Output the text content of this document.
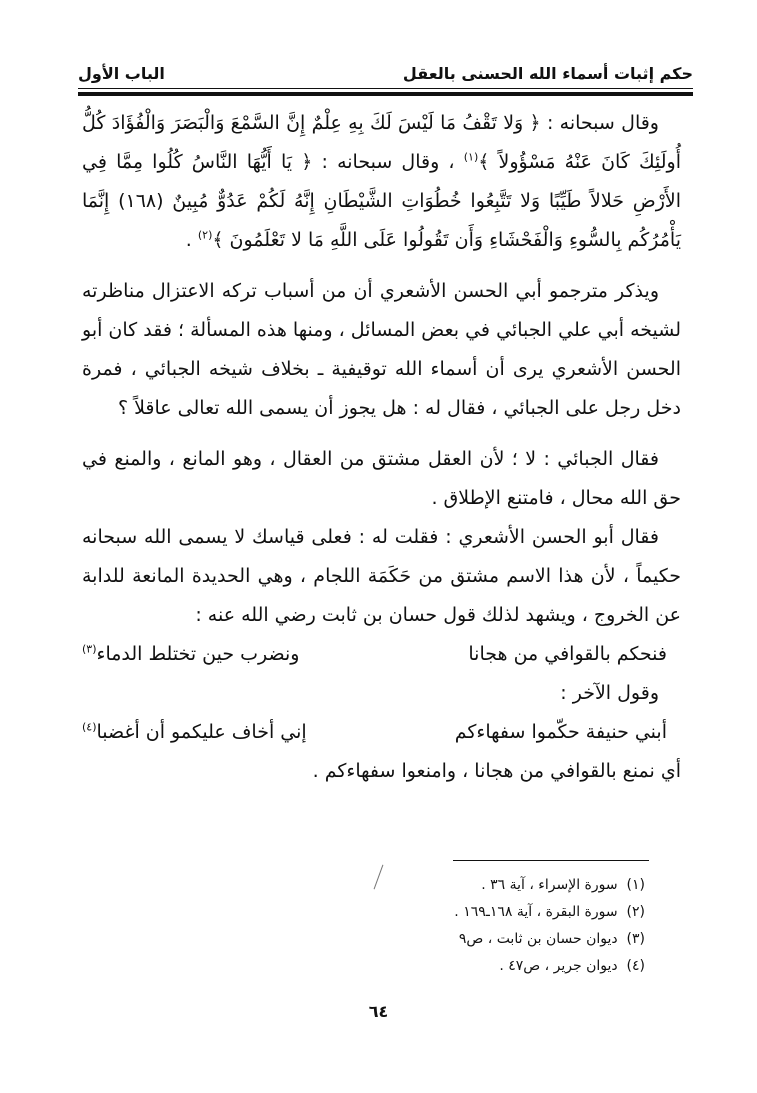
حكم إثبات أسماء الله الحسنى بالعقل
الباب الأول

وقال سبحانه : ﴿ وَلا تَقْفُ مَا لَيْسَ لَكَ بِهِ عِلْمٌ إِنَّ السَّمْعَ وَالْبَصَرَ وَالْفُؤَادَ كُلُّ أُولَئِكَ كَانَ عَنْهُ مَسْؤُولاً ﴾$^{(١)}$ ، وقال سبحانه : ﴿ يَا أَيُّهَا النَّاسُ كُلُوا مِمَّا فِي الأَرْضِ حَلالاً طَيِّبًا وَلا تَتَّبِعُوا خُطُوَاتِ الشَّيْطَانِ إِنَّهُ لَكُمْ عَدُوٌّ مُبِينٌ (١٦٨) إِنَّمَا يَأْمُرُكُم بِالسُّوءِ وَالْفَحْشَاءِ وَأَن تَقُولُوا عَلَى اللَّهِ مَا لا تَعْلَمُونَ ﴾$^{(٢)}$ .

ويذكر مترجمو أبي الحسن الأشعري أن من أسباب تركه الاعتزال مناظرته لشيخه أبي علي الجبائي في بعض المسائل ، ومنها هذه المسألة ؛ فقد كان أبو الحسن الأشعري يرى أن أسماء الله توقيفية ـ بخلاف شيخه الجبائي ، فمرة دخل رجل على الجبائي ، فقال له : هل يجوز أن يسمى الله تعالى عاقلاً ؟

فقال الجبائي : لا ؛ لأن العقل مشتق من العقال ، وهو المانع ، والمنع في حق الله محال ، فامتنع الإطلاق .

فقال أبو الحسن الأشعري : فقلت له : فعلى قياسك لا يسمى الله سبحانه حكيماً ، لأن هذا الاسم مشتق من حَكَمَة اللجام ، وهي الحديدة المانعة للدابة عن الخروج ، ويشهد لذلك قول حسان بن ثابت رضي الله عنه :

فنحكم بالقوافي من هجانا
ونضرب حين تختلط الدماء$^{(٣)}$

وقول الآخر :

أبني حنيفة حكّموا سفهاءكم
إني أخاف عليكمو أن أغضبا$^{(٤)}$

أي نمنع بالقوافي من هجانا ، وامنعوا سفهاءكم .

(١)  سورة الإسراء ، آية ٣٦ .
(٢)  سورة البقرة ، آية ١٦٨ـ١٦٩ .
(٣)  ديوان حسان بن ثابت ، ص٩
(٤)  ديوان جرير ، ص٤٧ .
٦٤
